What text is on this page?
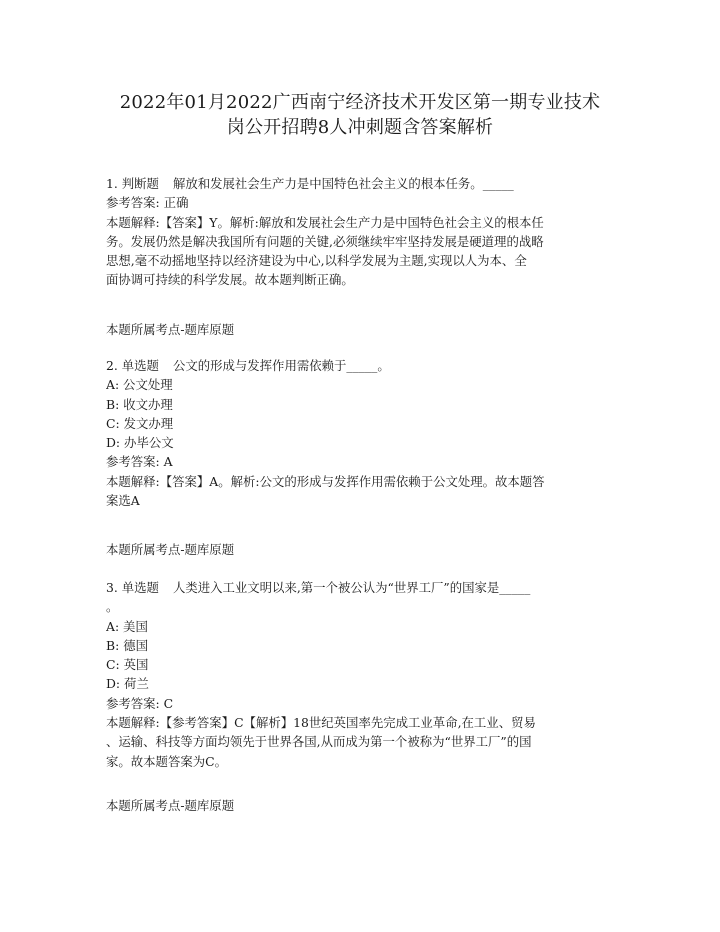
2022年01月2022广西南宁经济技术开发区第一期专业技术
岗公开招聘8人冲刺题含答案解析
1. 判断题 解放和发展社会生产力是中国特色社会主义的根本任务。_____
参考答案: 正确
本题解释:【答案】Y。解析:解放和发展社会生产力是中国特色社会主义的根本任
务。发展仍然是解决我国所有问题的关键,必须继续牢牢坚持发展是硬道理的战略
思想,毫不动摇地坚持以经济建设为中心,以科学发展为主题,实现以人为本、全
面协调可持续的科学发展。故本题判断正确。
本题所属考点-题库原题
2. 单选题 公文的形成与发挥作用需依赖于_____。
A: 公文处理
B: 收文办理
C: 发文办理
D: 办毕公文
参考答案: A
本题解释:【答案】A。解析:公文的形成与发挥作用需依赖于公文处理。故本题答
案选A
本题所属考点-题库原题
3. 单选题 人类进入工业文明以来,第一个被公认为“世界工厂”的国家是_____
。
A: 美国
B: 德国
C: 英国
D: 荷兰
参考答案: C
本题解释:【参考答案】C【解析】18世纪英国率先完成工业革命,在工业、贸易
、运输、科技等方面均领先于世界各国,从而成为第一个被称为“世界工厂”的国
家。故本题答案为C。
本题所属考点-题库原题
